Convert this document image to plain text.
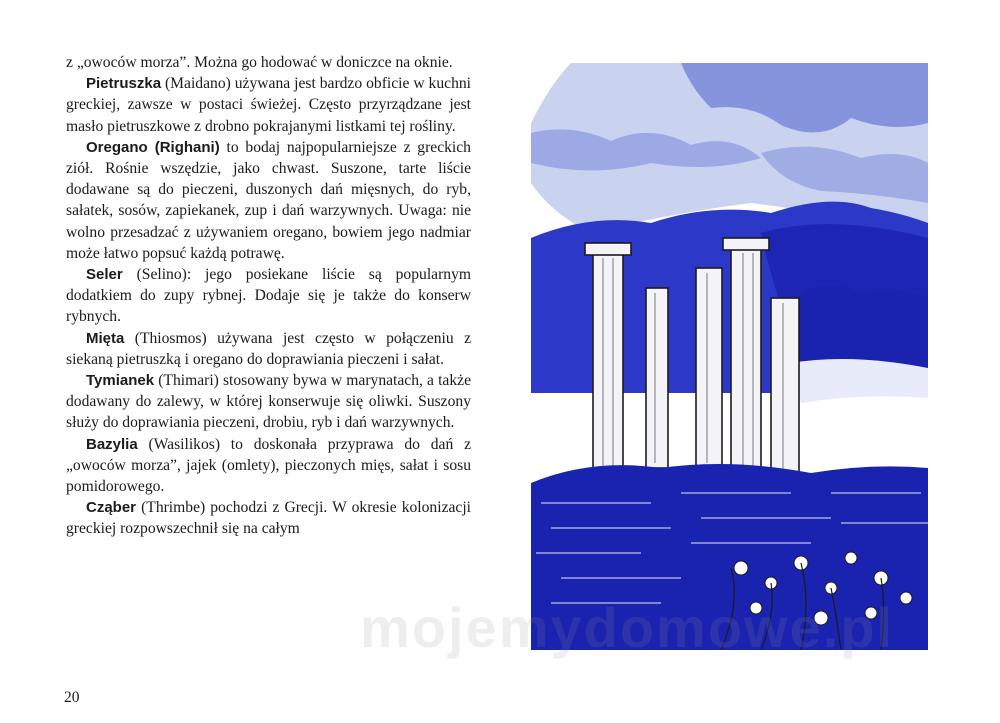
z „owoców morza”. Można go hodować w doniczce na oknie.

Pietruszka (Maidano) używana jest bardzo obficie w kuchni greckiej, zawsze w postaci świeżej. Często przyrządzane jest masło pietruszkowe z drobno pokrajanymi listkami tej rośliny.

Oregano (Righani) to bodaj najpopularniejsze z greckich ziół. Rośnie wszędzie, jako chwast. Suszone, tarte liście dodawane są do pieczeni, duszonych dań mięsnych, do ryb, sałatek, sosów, zapiekanek, zup i dań warzywnych. Uwaga: nie wolno przesadzać z używaniem oregano, bowiem jego nadmiar może łatwo popsuć każdą potrawę.

Seler (Selino): jego posiekane liście są popularnym dodatkiem do zupy rybnej. Dodaje się je także do konserw rybnych.

Mięta (Thiosmos) używana jest często w połączeniu z siekaną pietruszką i oregano do doprawiania pieczeni i sałat.

Tymianek (Thimari) stosowany bywa w marynatach, a także dodawany do zalewy, w której konserwuje się oliwki. Suszony służy do doprawiania pieczeni, drobiu, ryb i dań warzywnych.

Bazylia (Wasilikos) to doskonała przyprawa do dań z „owoców morza”, jajek (omlety), pieczonych mięs, sałat i sosu pomidorowego.

Cząber (Thrimbe) pochodzi z Grecji. W okresie kolonizacji greckiej rozpowszechnił się na całym

20
